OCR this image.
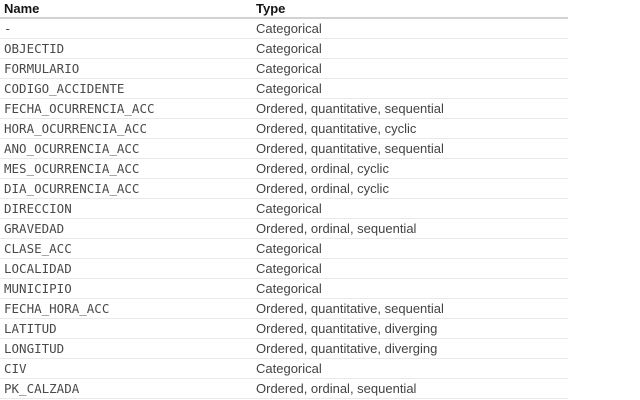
Name	Type
-	Categorical
OBJECTID	Categorical
FORMULARIO	Categorical
CODIGO_ACCIDENTE	Categorical
FECHA_OCURRENCIA_ACC	Ordered, quantitative, sequential
HORA_OCURRENCIA_ACC	Ordered, quantitative, cyclic
ANO_OCURRENCIA_ACC	Ordered, quantitative, sequential
MES_OCURRENCIA_ACC	Ordered, ordinal, cyclic
DIA_OCURRENCIA_ACC	Ordered, ordinal, cyclic
DIRECCION	Categorical
GRAVEDAD	Ordered, ordinal, sequential
CLASE_ACC	Categorical
LOCALIDAD	Categorical
MUNICIPIO	Categorical
FECHA_HORA_ACC	Ordered, quantitative, sequential
LATITUD	Ordered, quantitative, diverging
LONGITUD	Ordered, quantitative, diverging
CIV	Categorical
PK_CALZADA	Ordered, ordinal, sequential
